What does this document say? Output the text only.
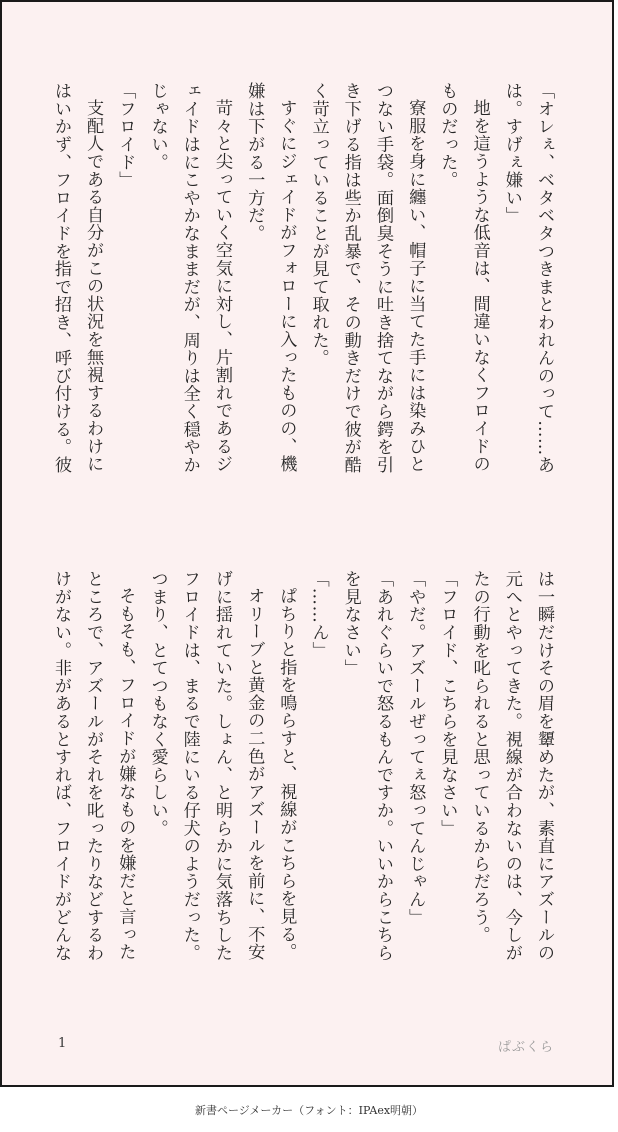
「オレぇ、ベタベタつきまとわれんのって……あ
は。すげぇ嫌い」
地を這うような低音は、間違いなくフロイドの
ものだった。
寮服を身に纏い、帽子に当てた手には染みひと
つない手袋。面倒臭そうに吐き捨てながら鍔を引
き下げる指は些か乱暴で、その動きだけで彼が酷
く苛立っていることが見て取れた。
すぐにジェイドがフォローに入ったものの、機
嫌は下がる一方だ。
苛々と尖っていく空気に対し、片割れであるジ
ェイドはにこやかなままだが、周りは全く穏やか
じゃない。
「フロイド」
支配人である自分がこの状況を無視するわけに
はいかず、フロイドを指で招き、呼び付ける。彼
は一瞬だけその眉を顰めたが、素直にアズールの
元へとやってきた。視線が合わないのは、今しが
たの行動を叱られると思っているからだろう。
「フロイド、こちらを見なさい」
「やだ。アズールぜってぇ怒ってんじゃん」
「あれぐらいで怒るもんですか。いいからこちら
を見なさい」
「……ん」
ぱちりと指を鳴らすと、視線がこちらを見る。
オリーブと黄金の二色がアズールを前に、不安
げに揺れていた。しょん、と明らかに気落ちした
フロイドは、まるで陸にいる仔犬のようだった。
つまり、とてつもなく愛らしい。
そもそも、フロイドが嫌なものを嫌だと言った
ところで、アズールがそれを叱ったりなどするわ
けがない。非があるとすれば、フロイドがどんな
1	ぱぶくら
新書ページメーカー（フォント：IPAex明朝）
